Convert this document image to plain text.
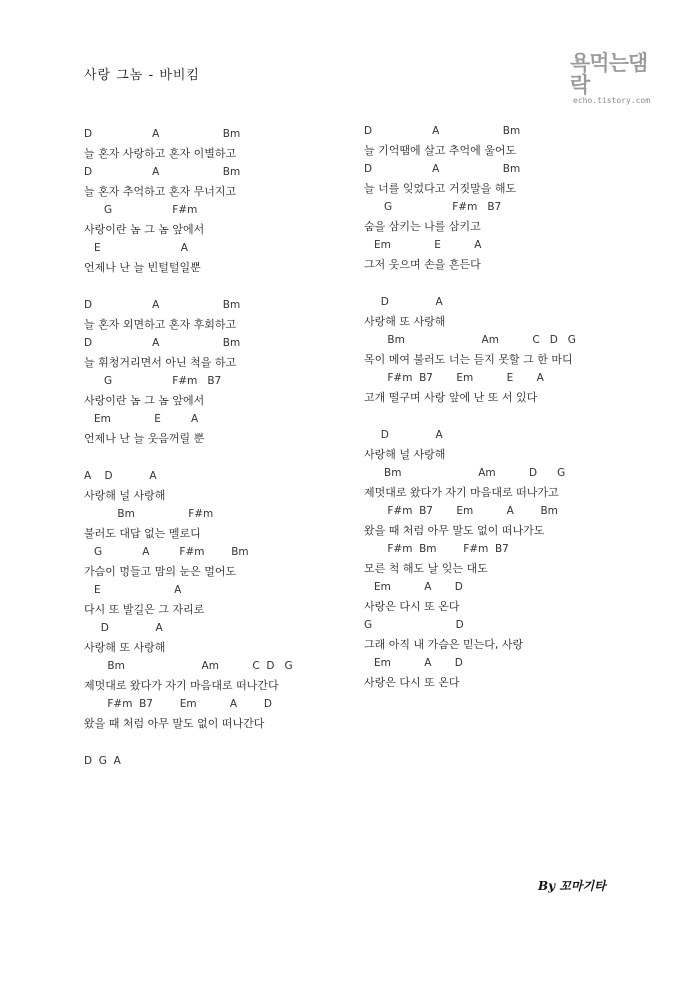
사랑 그놈 - 바비킴
욕먹는댐락
echo.tistory.com
D                  A                   Bm
늘 혼자 사랑하고 혼자 이별하고
D                  A                   Bm
늘 혼자 추억하고 혼자 무너지고
G                  F#m
사랑이란 놈 그 놈 앞에서
E                        A
언제나 난 늘 빈털털일뿐
D                  A                   Bm
늘 혼자 외면하고 혼자 후회하고
D                  A                   Bm
늘 휘청거리면서 아닌 척을 하고
G                  F#m   B7
사랑이란 놈 그 놈 앞에서
Em             E         A
언제나 난 늘 웃음꺼릴 뿐
A    D           A
사랑해 널 사랑해
Bm                F#m
불러도 대답 없는 멜로디
G            A         F#m        Bm
가슴이 멍들고 맘의 눈은 멀어도
E                      A
다시 또 발길은 그 자리로
D              A
사랑해 또 사랑해
Bm                       Am          C  D   G
제멋대로 왔다가 자기 마음대로 떠나간다
F#m  B7        Em          A        D
왔을 때 처럼 아무 말도 없이 떠나간다
D  G  A
D                  A                   Bm
늘 기억땜에 살고 추억에 울어도
D                  A                   Bm
늘 너를 잊었다고 거짓말을 해도
G                  F#m   B7
숨을 삼키는 나를 삼키고
Em             E          A
그저 웃으며 손을 흔든다
D              A
사랑해 또 사랑해
Bm                       Am          C   D   G
목이 메여 불러도 너는 듣지 못할 그 한 마디
F#m  B7       Em          E       A
고개 떨구며 사랑 앞에 난 또 서 있다
D              A
사랑해 널 사랑해
Bm                       Am          D      G
제멋대로 왔다가 자기 마음대로 떠나가고
F#m  B7       Em          A        Bm
왔을 때 처럼 아무 말도 없이 떠나가도
F#m  Bm        F#m  B7
모른 척 해도 날 잊는 대도
Em          A       D
사랑은 다시 또 온다
G                         D
그래 아직 내 가슴은 믿는다, 사랑
Em          A       D
사랑은 다시 또 온다
By 꼬마기타
